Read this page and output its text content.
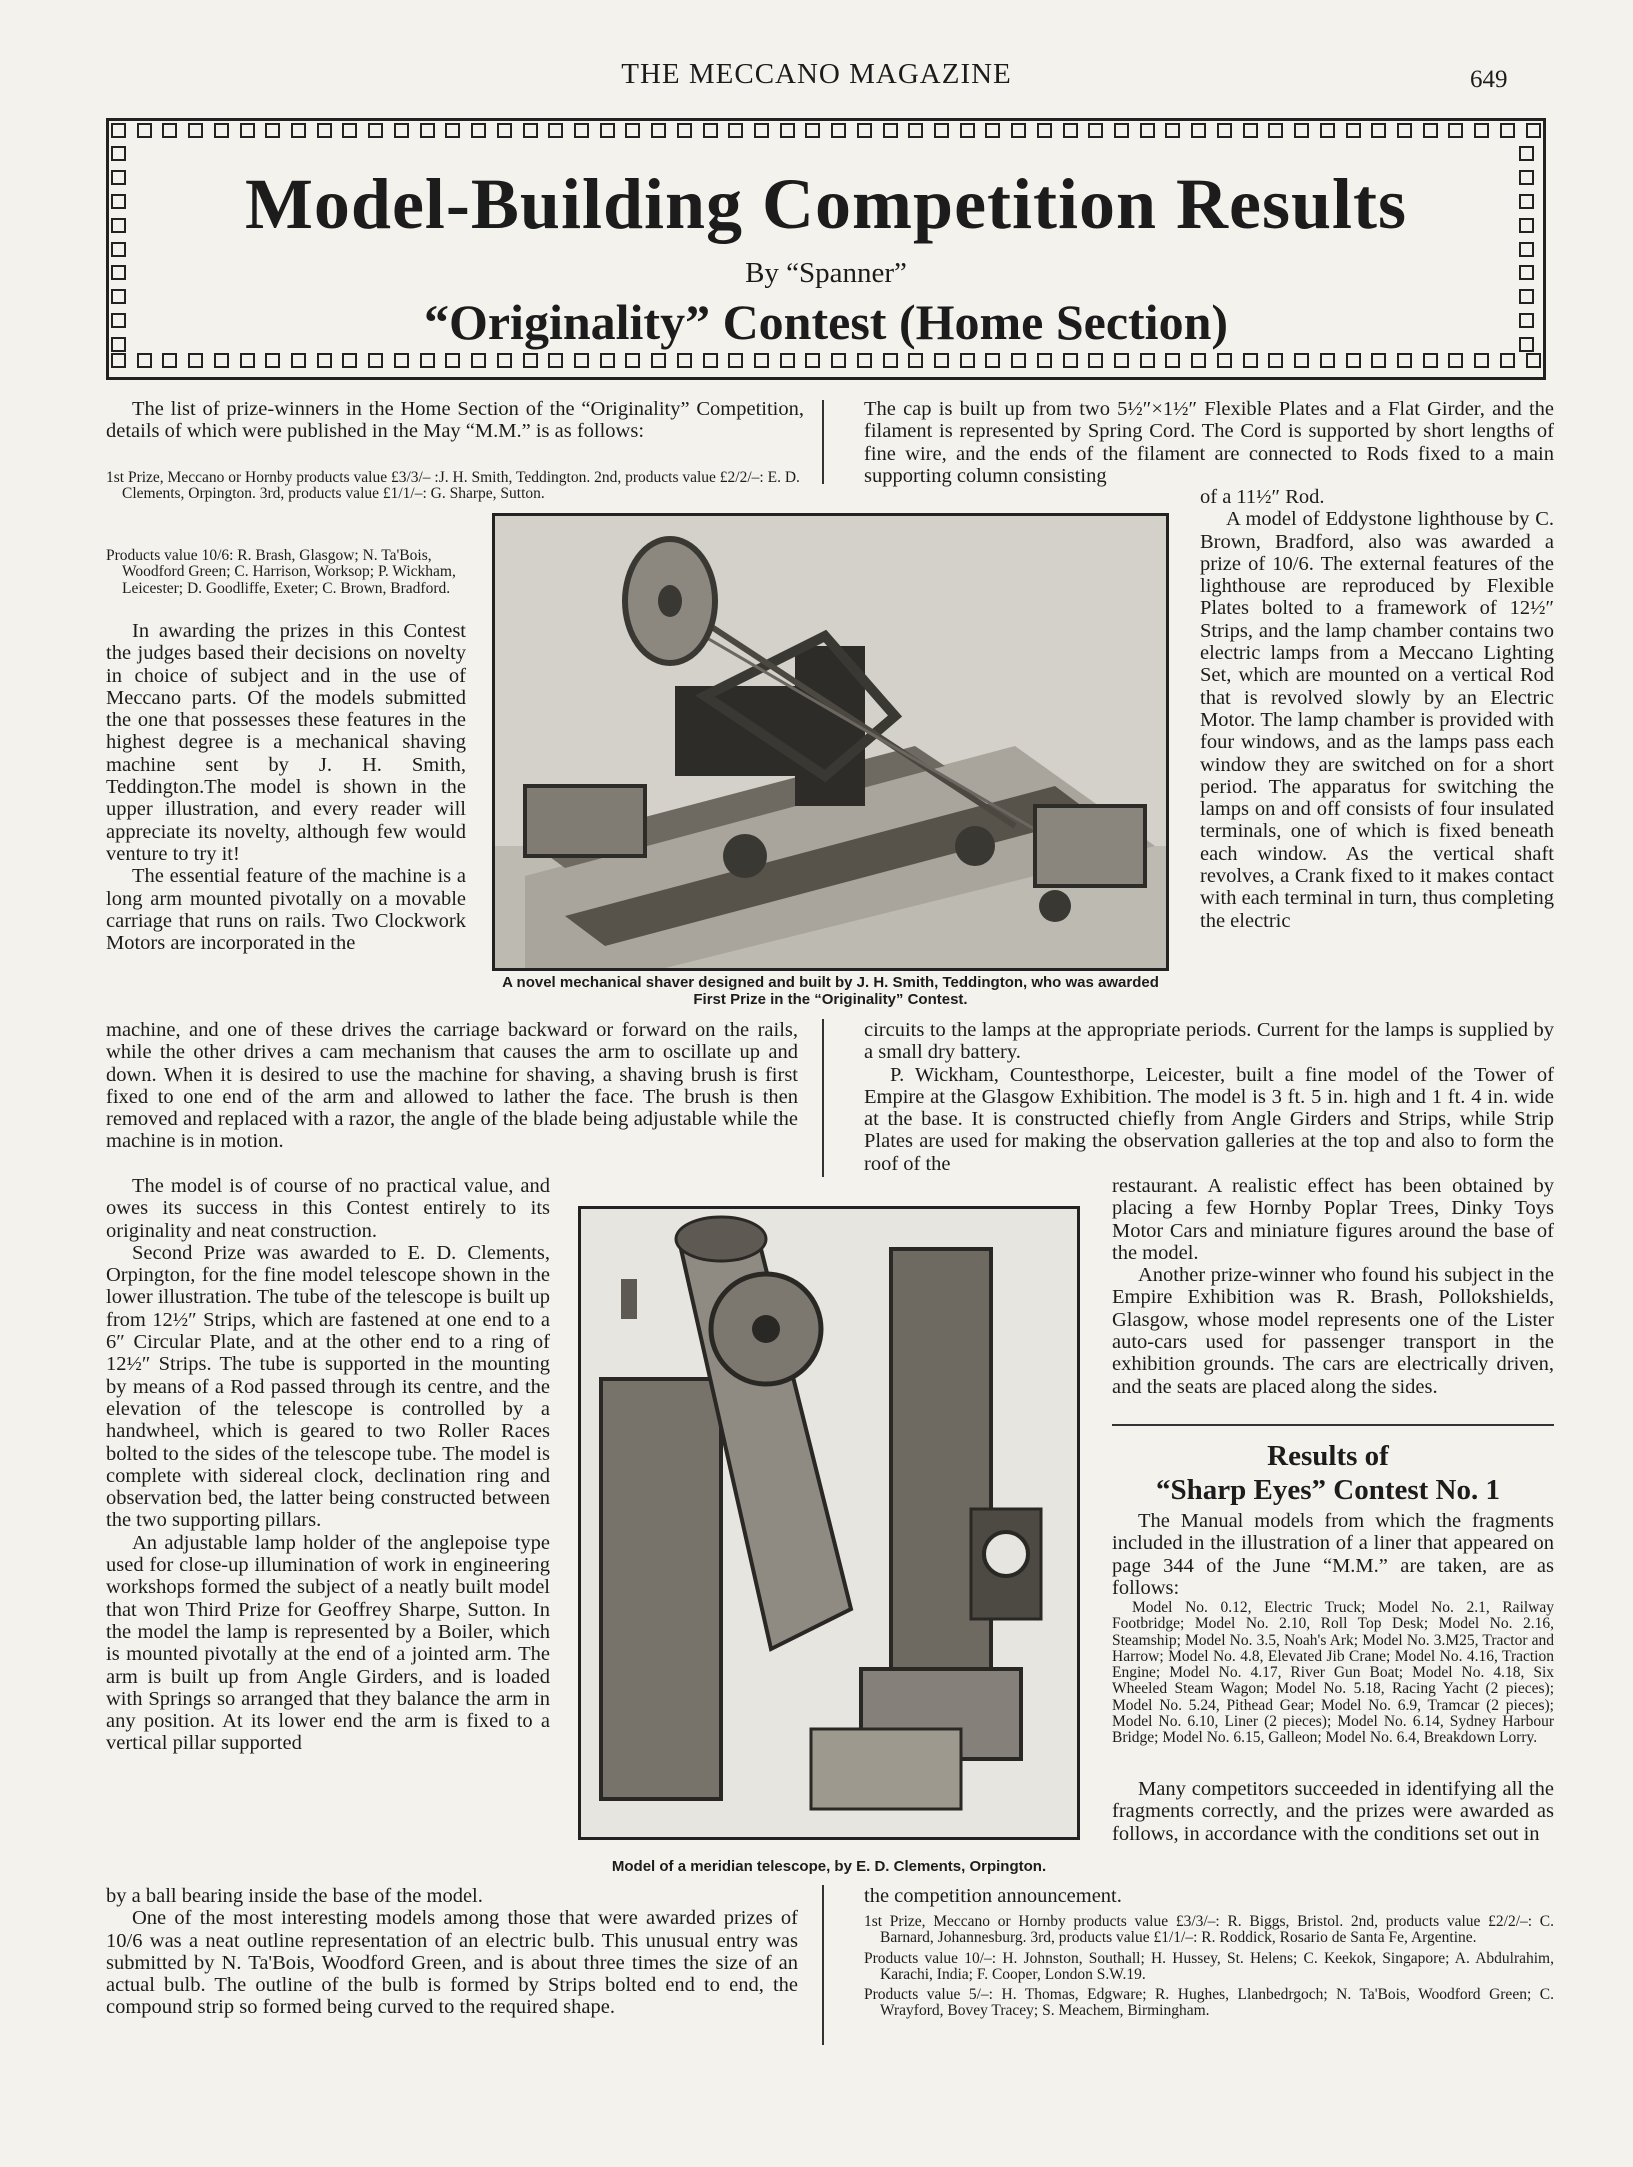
THE MECCANO MAGAZINE	649
Model-Building Competition Results
By “Spanner”
“Originality” Contest (Home Section)

The list of prize-winners in the Home Section of the “Originality” Competition, details of which were published in the May “M.M.” is as follows:

1st Prize, Meccano or Hornby products value £3/3/– :J. H. Smith, Teddington. 2nd, products value £2/2/–: E. D. Clements, Orpington. 3rd, products value £1/1/–: G. Sharpe, Sutton.

Products value 10/6: R. Brash, Glasgow; N. Ta'Bois, Woodford Green; C. Harrison, Worksop; P. Wickham, Leicester; D. Goodliffe, Exeter; C. Brown, Bradford.

In awarding the prizes in this Contest the judges based their decisions on novelty in choice of subject and in the use of Meccano parts. Of the models submitted the one that possesses these features in the highest degree is a mechanical shaving machine sent by J. H. Smith, Teddington.The model is shown in the upper illustration, and every reader will appreciate its novelty, although few would venture to try it!

The essential feature of the machine is a long arm mounted pivotally on a movable carriage that runs on rails. Two Clockwork Motors are incorporated in the

A novel mechanical shaver designed and built by J. H. Smith, Teddington, who was awarded First Prize in the “Originality” Contest.

machine, and one of these drives the carriage backward or forward on the rails, while the other drives a cam mechanism that causes the arm to oscillate up and down. When it is desired to use the machine for shaving, a shaving brush is first fixed to one end of the arm and allowed to lather the face. The brush is then removed and replaced with a razor, the angle of the blade being adjustable while the machine is in motion.

The model is of course of no practical value, and owes its success in this Contest entirely to its originality and neat construction.

Second Prize was awarded to E. D. Clements, Orpington, for the fine model telescope shown in the lower illustration. The tube of the telescope is built up from 12½″ Strips, which are fastened at one end to a 6″ Circular Plate, and at the other end to a ring of 12½″ Strips. The tube is supported in the mounting by means of a Rod passed through its centre, and the elevation of the telescope is controlled by a handwheel, which is geared to two Roller Races bolted to the sides of the telescope tube. The model is complete with sidereal clock, declination ring and observation bed, the latter being constructed between the two supporting pillars.

An adjustable lamp holder of the anglepoise type used for close-up illumination of work in engineering workshops formed the subject of a neatly built model that won Third Prize for Geoffrey Sharpe, Sutton. In the model the lamp is represented by a Boiler, which is mounted pivotally at the end of a jointed arm. The arm is built up from Angle Girders, and is loaded with Springs so arranged that they balance the arm in any position. At its lower end the arm is fixed to a vertical pillar supported

by a ball bearing inside the base of the model.

One of the most interesting models among those that were awarded prizes of 10/6 was a neat outline representation of an electric bulb. This unusual entry was submitted by N. Ta'Bois, Woodford Green, and is about three times the size of an actual bulb. The outline of the bulb is formed by Strips bolted end to end, the compound strip so formed being curved to the required shape.

Model of a meridian telescope, by E. D. Clements, Orpington.

The cap is built up from two 5½″×1½″ Flexible Plates and a Flat Girder, and the filament is represented by Spring Cord. The Cord is supported by short lengths of fine wire, and the ends of the filament are connected to Rods fixed to a main supporting column consisting

of a 11½″ Rod.

A model of Eddystone lighthouse by C. Brown, Bradford, also was awarded a prize of 10/6. The external features of the lighthouse are reproduced by Flexible Plates bolted to a framework of 12½″ Strips, and the lamp chamber contains two electric lamps from a Meccano Lighting Set, which are mounted on a vertical Rod that is revolved slowly by an Electric Motor. The lamp chamber is provided with four windows, and as the lamps pass each window they are switched on for a short period. The apparatus for switching the lamps on and off consists of four insulated terminals, one of which is fixed beneath each window. As the vertical shaft revolves, a Crank fixed to it makes contact with each terminal in turn, thus completing the electric

circuits to the lamps at the appropriate periods. Current for the lamps is supplied by a small dry battery.

P. Wickham, Countesthorpe, Leicester, built a fine model of the Tower of Empire at the Glasgow Exhibition. The model is 3 ft. 5 in. high and 1 ft. 4 in. wide at the base. It is constructed chiefly from Angle Girders and Strips, while Strip Plates are used for making the observation galleries at the top and also to form the roof of the

restaurant. A realistic effect has been obtained by placing a few Hornby Poplar Trees, Dinky Toys Motor Cars and miniature figures around the base of the model.

Another prize-winner who found his subject in the Empire Exhibition was R. Brash, Pollokshields, Glasgow, whose model represents one of the Lister auto-cars used for passenger transport in the exhibition grounds. The cars are electrically driven, and the seats are placed along the sides.

Results of
“Sharp Eyes” Contest No. 1

The Manual models from which the fragments included in the illustration of a liner that appeared on page 344 of the June “M.M.” are taken, are as follows:

Model No. 0.12, Electric Truck; Model No. 2.1, Railway Footbridge; Model No. 2.10, Roll Top Desk; Model No. 2.16, Steamship; Model No. 3.5, Noah's Ark; Model No. 3.M25, Tractor and Harrow; Model No. 4.8, Elevated Jib Crane; Model No. 4.16, Traction Engine; Model No. 4.17, River Gun Boat; Model No. 4.18, Six Wheeled Steam Wagon; Model No. 5.18, Racing Yacht (2 pieces); Model No. 5.24, Pithead Gear; Model No. 6.9, Tramcar (2 pieces); Model No. 6.10, Liner (2 pieces); Model No. 6.14, Sydney Harbour Bridge; Model No. 6.15, Galleon; Model No. 6.4, Breakdown Lorry.

Many competitors succeeded in identifying all the fragments correctly, and the prizes were awarded as follows, in accordance with the conditions set out in

the competition announcement.

1st Prize, Meccano or Hornby products value £3/3/–: R. Biggs, Bristol. 2nd, products value £2/2/–: C. Barnard, Johannesburg. 3rd, products value £1/1/–: R. Roddick, Rosario de Santa Fe, Argentine.

Products value 10/–: H. Johnston, Southall; H. Hussey, St. Helens; C. Keekok, Singapore; A. Abdulrahim, Karachi, India; F. Cooper, London S.W.19.

Products value 5/–: H. Thomas, Edgware; R. Hughes, Llanbedrgoch; N. Ta'Bois, Woodford Green; C. Wrayford, Bovey Tracey; S. Meachem, Birmingham.
